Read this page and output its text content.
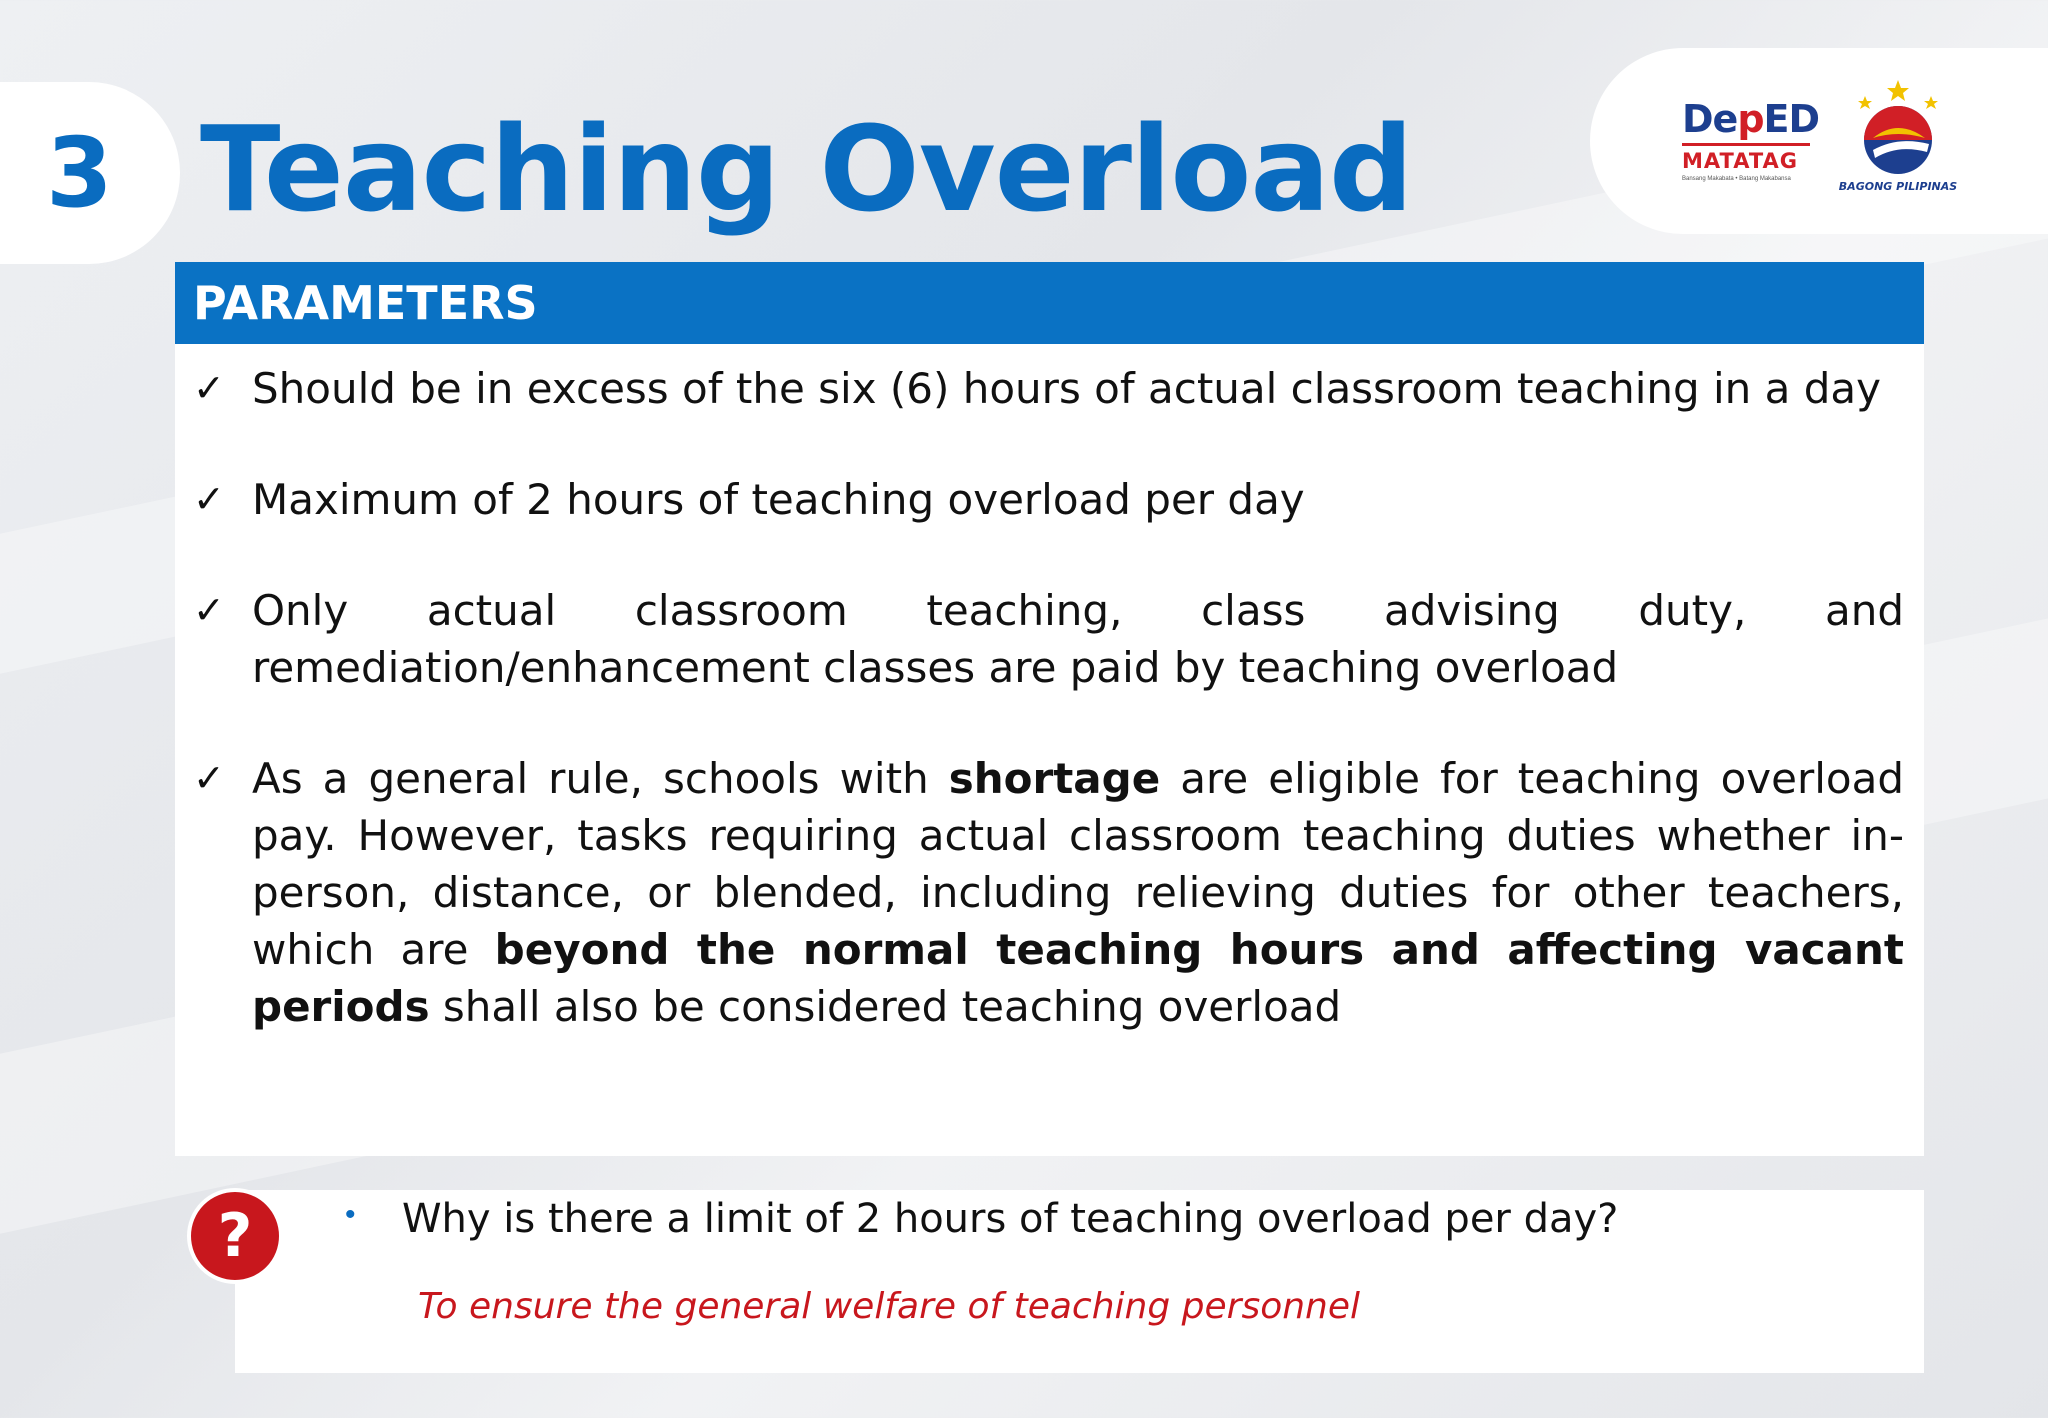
3 Teaching Overload	DepED
MATATAG
Bansang Makabata • Batang Makabansa
BAGONG PILIPINAS
PARAMETERS
✓ Should be in excess of the six (6) hours of actual classroom teaching in a day
✓ Maximum of 2 hours of teaching overload per day
✓ Only actual classroom teaching, class advising duty, and remediation/enhancement classes are paid by teaching overload
✓ As a general rule, schools with shortage are eligible for teaching overload pay. However, tasks requiring actual classroom teaching duties whether in-person, distance, or blended, including relieving duties for other teachers, which are beyond the normal teaching hours and affecting vacant periods shall also be considered teaching overload
?	• Why is there a limit of 2 hours of teaching overload per day?
To ensure the general welfare of teaching personnel
